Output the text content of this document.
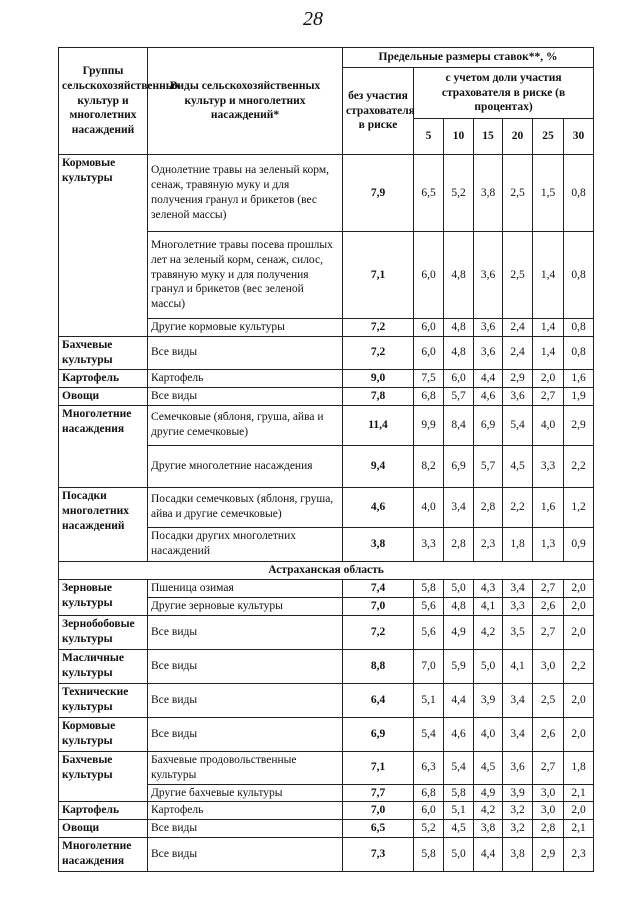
28
Группы сельскохозяйственных культур и многолетних насаждений	Виды сельскохозяйственных культур и многолетних насаждений*	Предельные размеры ставок**, %						
		без участия страхователя в риске	с учетом доли участия страхователя в риске (в процентах)					
			5	10	15	20	25	30
Кормовые культуры	Однолетние травы на зеленый корм, сенаж, травяную муку и для получения гранул и брикетов (вес зеленой массы)	7,9	6,5	5,2	3,8	2,5	1,5	0,8
	Многолетние травы посева прошлых лет на зеленый корм, сенаж, силос, травяную муку и для получения гранул и брикетов (вес зеленой массы)	7,1	6,0	4,8	3,6	2,5	1,4	0,8
	Другие кормовые культуры	7,2	6,0	4,8	3,6	2,4	1,4	0,8
Бахчевые культуры	Все виды	7,2	6,0	4,8	3,6	2,4	1,4	0,8
Картофель	Картофель	9,0	7,5	6,0	4,4	2,9	2,0	1,6
Овощи	Все виды	7,8	6,8	5,7	4,6	3,6	2,7	1,9
Многолетние насаждения	Семечковые (яблоня, груша, айва и другие семечковые)	11,4	9,9	8,4	6,9	5,4	4,0	2,9
	Другие многолетние насаждения	9,4	8,2	6,9	5,7	4,5	3,3	2,2
Посадки многолетних насаждений	Посадки семечковых (яблоня, груша, айва и другие семечковые)	4,6	4,0	3,4	2,8	2,2	1,6	1,2
	Посадки других многолетних насаждений	3,8	3,3	2,8	2,3	1,8	1,3	0,9
Астраханская область								
Зерновые культуры	Пшеница озимая	7,4	5,8	5,0	4,3	3,4	2,7	2,0
	Другие зерновые культуры	7,0	5,6	4,8	4,1	3,3	2,6	2,0
Зернобобовые культуры	Все виды	7,2	5,6	4,9	4,2	3,5	2,7	2,0
Масличные культуры	Все виды	8,8	7,0	5,9	5,0	4,1	3,0	2,2
Технические культуры	Все виды	6,4	5,1	4,4	3,9	3,4	2,5	2,0
Кормовые культуры	Все виды	6,9	5,4	4,6	4,0	3,4	2,6	2,0
Бахчевые культуры	Бахчевые продовольственные культуры	7,1	6,3	5,4	4,5	3,6	2,7	1,8
	Другие бахчевые культуры	7,7	6,8	5,8	4,9	3,9	3,0	2,1
Картофель	Картофель	7,0	6,0	5,1	4,2	3,2	3,0	2,0
Овощи	Все виды	6,5	5,2	4,5	3,8	3,2	2,8	2,1
Многолетние насаждения	Все виды	7,3	5,8	5,0	4,4	3,8	2,9	2,3
